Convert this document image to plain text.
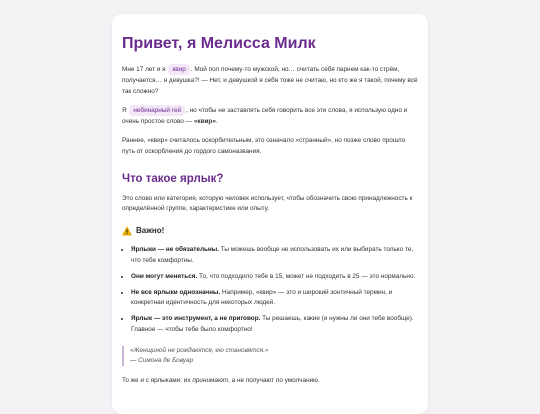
Привет, я Мелисса Милк

Мне 17 лет и я квир . Мой пол почему-то мужской, но… считать себя парнем как-то стрём, получается… я девушка?! — Нет, и девушкой я себя тоже не считаю, но кто же я такой, почему всё так сложно?

Я небинарный гей , но чтобы не заставлять себя говорить все эти слова, я использую одно и очень простое слово — «квир».

Раннее, «квир» считалось оскорбительным, это означало «странный», но позже слово прошло путь от оскорбления до гордого самоназвания.

Что такое ярлык?

Это слово или категория, которую человек использует, чтобы обозначить свою принадлежность к определённой группе, характеристике или опыту.

Важно!
• Ярлыки — не обязательны. Ты можешь вообще не использовать их или выбирать только те, что тебе комфортны.
• Они могут меняться. То, что подходило тебе в 15, может не подходить в 25 — это нормально.
• Не все ярлыки однозначны. Например, «квир» — это и широкий зонтичный термин, и конкретная идентичность для некоторых людей.
• Ярлык — это инструмент, а не приговор. Ты решаешь, какие (и нужны ли они тебе вообще). Главное — чтобы тебе было комфортно!
«Женщиной не рождаются, ею становятся.»
— Симона де Бовуар
То же и с ярлыками: их принимают, а не получают по умолчанию.
